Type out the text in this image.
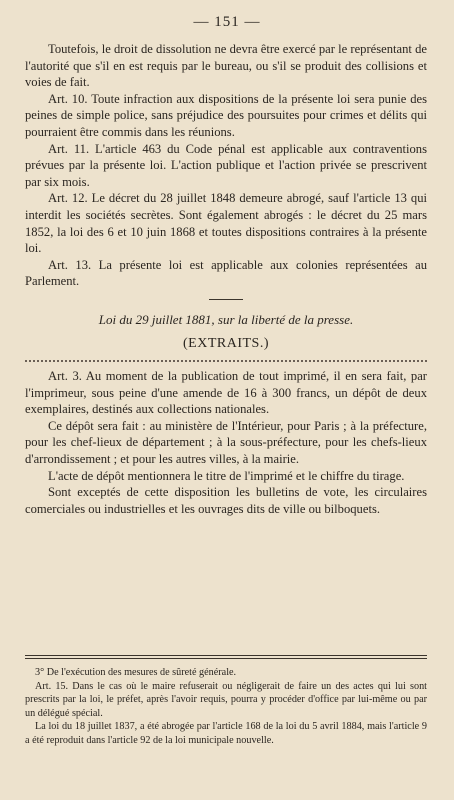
— 151 —

Toutefois, le droit de dissolution ne devra être exercé par le représentant de l'autorité que s'il en est requis par le bureau, ou s'il se produit des collisions et voies de fait.

Art. 10. Toute infraction aux dispositions de la présente loi sera punie des peines de simple police, sans préjudice des poursuites pour crimes et délits qui pourraient être commis dans les réunions.

Art. 11. L'article 463 du Code pénal est applicable aux contraventions prévues par la présente loi. L'action publique et l'action privée se prescrivent par six mois.

Art. 12. Le décret du 28 juillet 1848 demeure abrogé, sauf l'article 13 qui interdit les sociétés secrètes. Sont également abrogés : le décret du 25 mars 1852, la loi des 6 et 10 juin 1868 et toutes dispositions contraires à la présente loi.

Art. 13. La présente loi est applicable aux colonies représentées au Parlement.

Loi du 29 juillet 1881, sur la liberté de la presse.
(EXTRAITS.)

Art. 3. Au moment de la publication de tout imprimé, il en sera fait, par l'imprimeur, sous peine d'une amende de 16 à 300 francs, un dépôt de deux exemplaires, destinés aux collections nationales.

Ce dépôt sera fait : au ministère de l'Intérieur, pour Paris ; à la préfecture, pour les chef-lieux de département ; à la sous-préfecture, pour les chefs-lieux d'arrondissement ; et pour les autres villes, à la mairie.

L'acte de dépôt mentionnera le titre de l'imprimé et le chiffre du tirage.

Sont exceptés de cette disposition les bulletins de vote, les circulaires comerciales ou industrielles et les ouvrages dits de ville ou bilboquets.

3° De l'exécution des mesures de sûreté générale.

Art. 15. Dans le cas où le maire refuserait ou négligerait de faire un des actes qui lui sont prescrits par la loi, le préfet, après l'avoir requis, pourra y procéder d'office par lui-même ou par un délégué spécial.

La loi du 18 juillet 1837, a été abrogée par l'article 168 de la loi du 5 avril 1884, mais l'article 9 a été reproduit dans l'article 92 de la loi municipale nouvelle.
